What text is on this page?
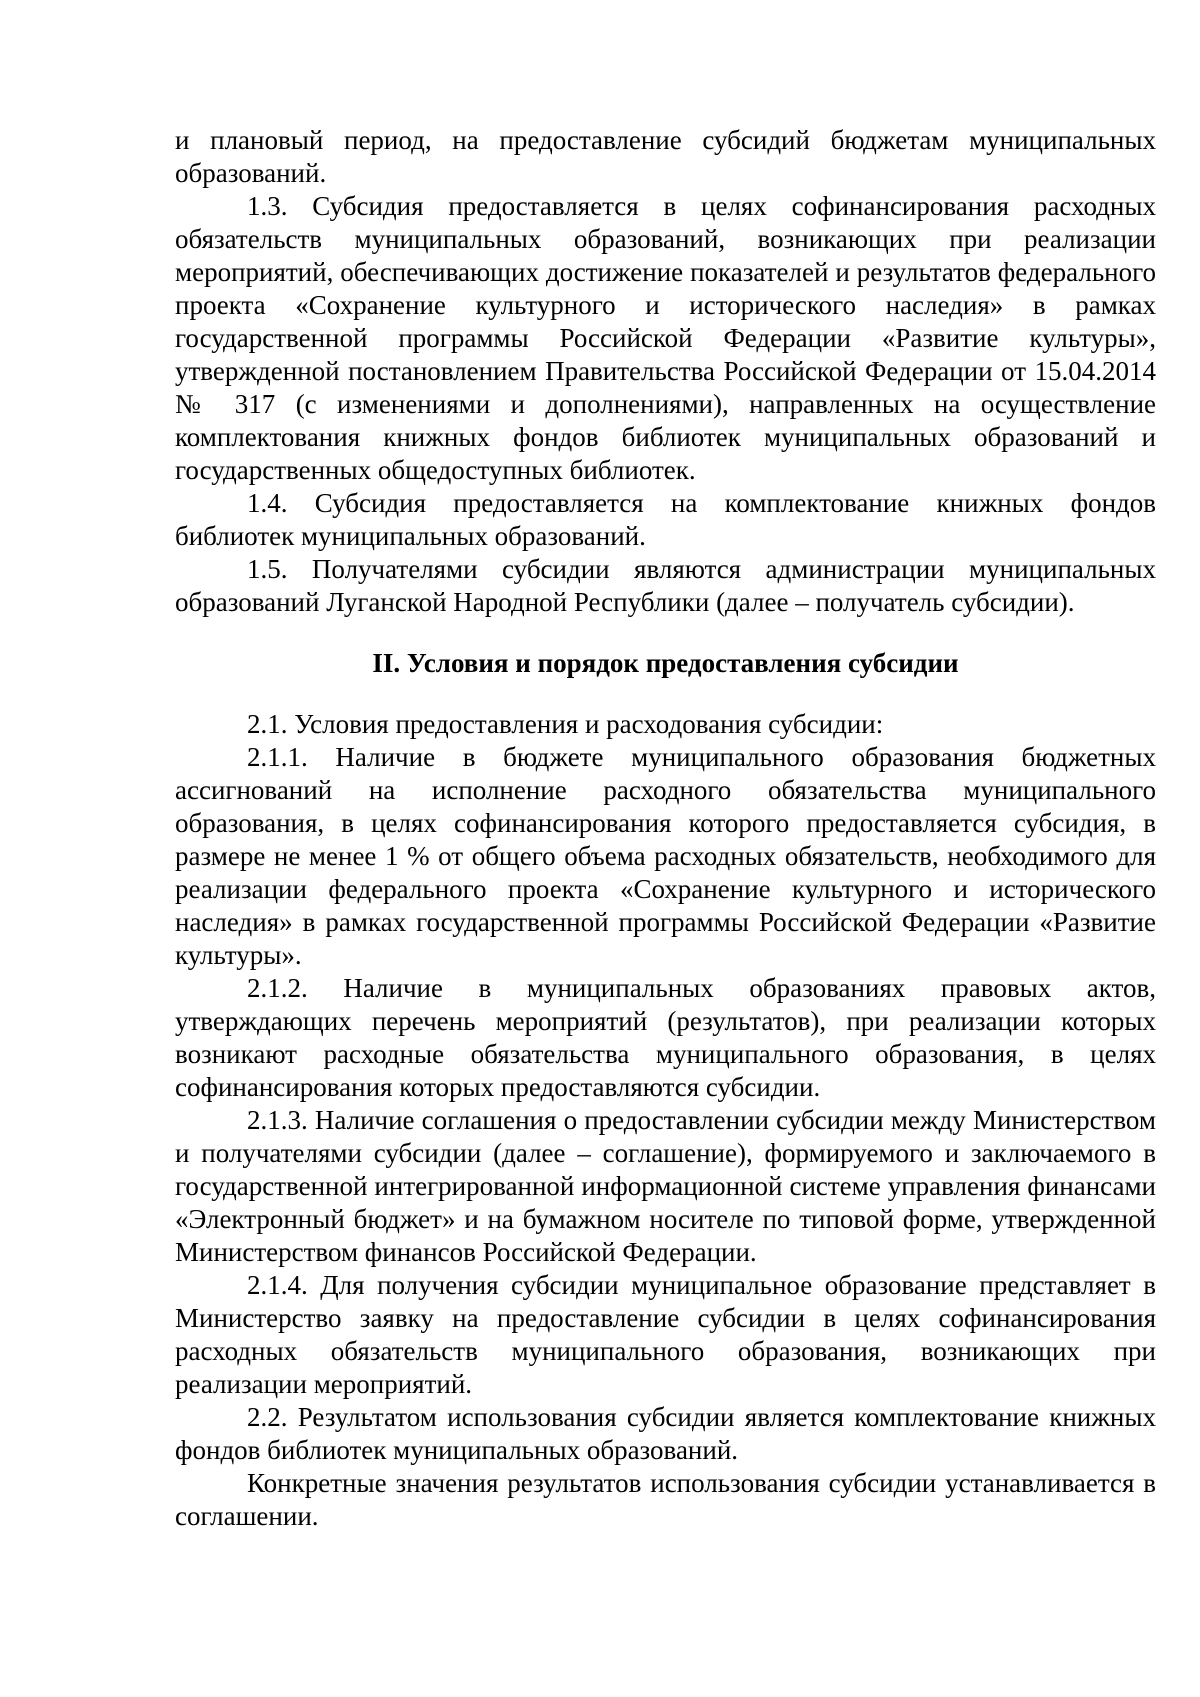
и плановый период, на предоставление субсидий бюджетам муниципальных образований.

1.3. Субсидия предоставляется в целях софинансирования расходных обязательств муниципальных образований, возникающих при реализации мероприятий, обеспечивающих достижение показателей и результатов федерального проекта «Сохранение культурного и исторического наследия» в рамках государственной программы Российской Федерации «Развитие культуры», утвержденной постановлением Правительства Российской Федерации от 15.04.2014 № 317 (с изменениями и дополнениями), направленных на осуществление комплектования книжных фондов библиотек муниципальных образований и государственных общедоступных библиотек.

1.4. Субсидия предоставляется на комплектование книжных фондов библиотек муниципальных образований.

1.5. Получателями субсидии являются администрации муниципальных образований Луганской Народной Республики (далее – получатель субсидии).

II. Условия и порядок предоставления субсидии

2.1. Условия предоставления и расходования субсидии:

2.1.1. Наличие в бюджете муниципального образования бюджетных ассигнований на исполнение расходного обязательства муниципального образования, в целях софинансирования которого предоставляется субсидия, в размере не менее 1 % от общего объема расходных обязательств, необходимого для реализации федерального проекта «Сохранение культурного и исторического наследия» в рамках государственной программы Российской Федерации «Развитие культуры».

2.1.2. Наличие в муниципальных образованиях правовых актов, утверждающих перечень мероприятий (результатов), при реализации которых возникают расходные обязательства муниципального образования, в целях софинансирования которых предоставляются субсидии.

2.1.3. Наличие соглашения о предоставлении субсидии между Министерством и получателями субсидии (далее – соглашение), формируемого и заключаемого в государственной интегрированной информационной системе управления финансами «Электронный бюджет» и на бумажном носителе по типовой форме, утвержденной Министерством финансов Российской Федерации.

2.1.4. Для получения субсидии муниципальное образование представляет в Министерство заявку на предоставление субсидии в целях софинансирования расходных обязательств муниципального образования, возникающих при реализации мероприятий.

2.2. Результатом использования субсидии является комплектование книжных фондов библиотек муниципальных образований.

Конкретные значения результатов использования субсидии устанавливается в соглашении.
